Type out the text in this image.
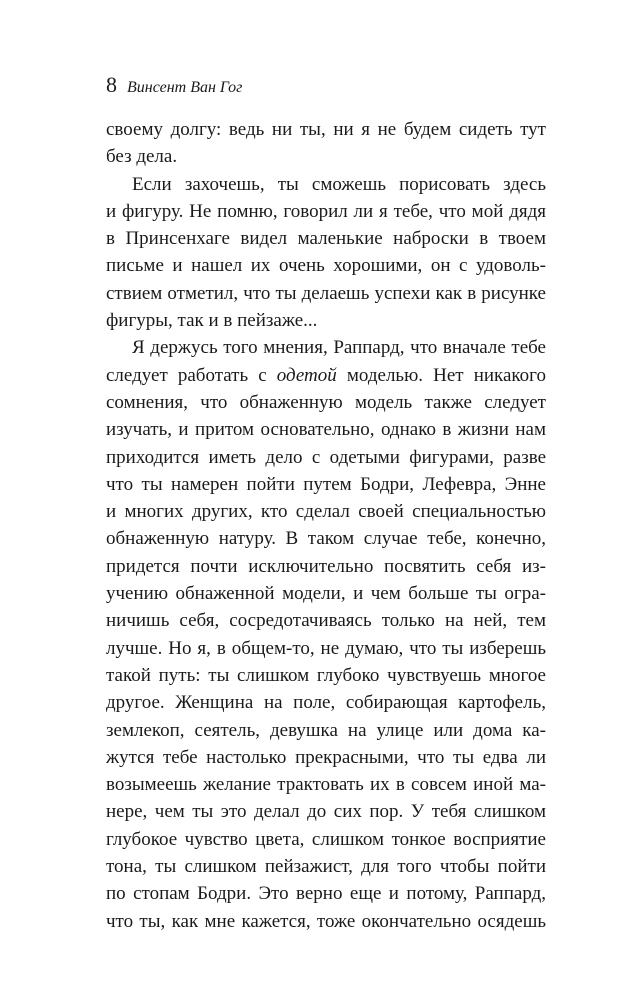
8 Винсент Ван Гог
своему долгу: ведь ни ты, ни я не будем сидеть тут
без дела.
Если захочешь, ты сможешь порисовать здесь
и фигуру. Не помню, говорил ли я тебе, что мой дядя
в Принсенхаге видел маленькие наброски в твоем
письме и нашел их очень хорошими, он с удоволь-
ствием отметил, что ты делаешь успехи как в рисунке
фигуры, так и в пейзаже...
Я держусь того мнения, Раппард, что вначале тебе
следует работать с одетой моделью. Нет никакого
сомнения, что обнаженную модель также следует
изучать, и притом основательно, однако в жизни нам
приходится иметь дело с одетыми фигурами, разве
что ты намерен пойти путем Бодри, Лефевра, Энне
и многих других, кто сделал своей специальностью
обнаженную натуру. В таком случае тебе, конечно,
придется почти исключительно посвятить себя из-
учению обнаженной модели, и чем больше ты огра-
ничишь себя, сосредотачиваясь только на ней, тем
лучше. Но я, в общем-то, не думаю, что ты изберешь
такой путь: ты слишком глубоко чувствуешь многое
другое. Женщина на поле, собирающая картофель,
землекоп, сеятель, девушка на улице или дома ка-
жутся тебе настолько прекрасными, что ты едва ли
возымеешь желание трактовать их в совсем иной ма-
нере, чем ты это делал до сих пор. У тебя слишком
глубокое чувство цвета, слишком тонкое восприятие
тона, ты слишком пейзажист, для того чтобы пойти
по стопам Бодри. Это верно еще и потому, Раппард,
что ты, как мне кажется, тоже окончательно осядешь
